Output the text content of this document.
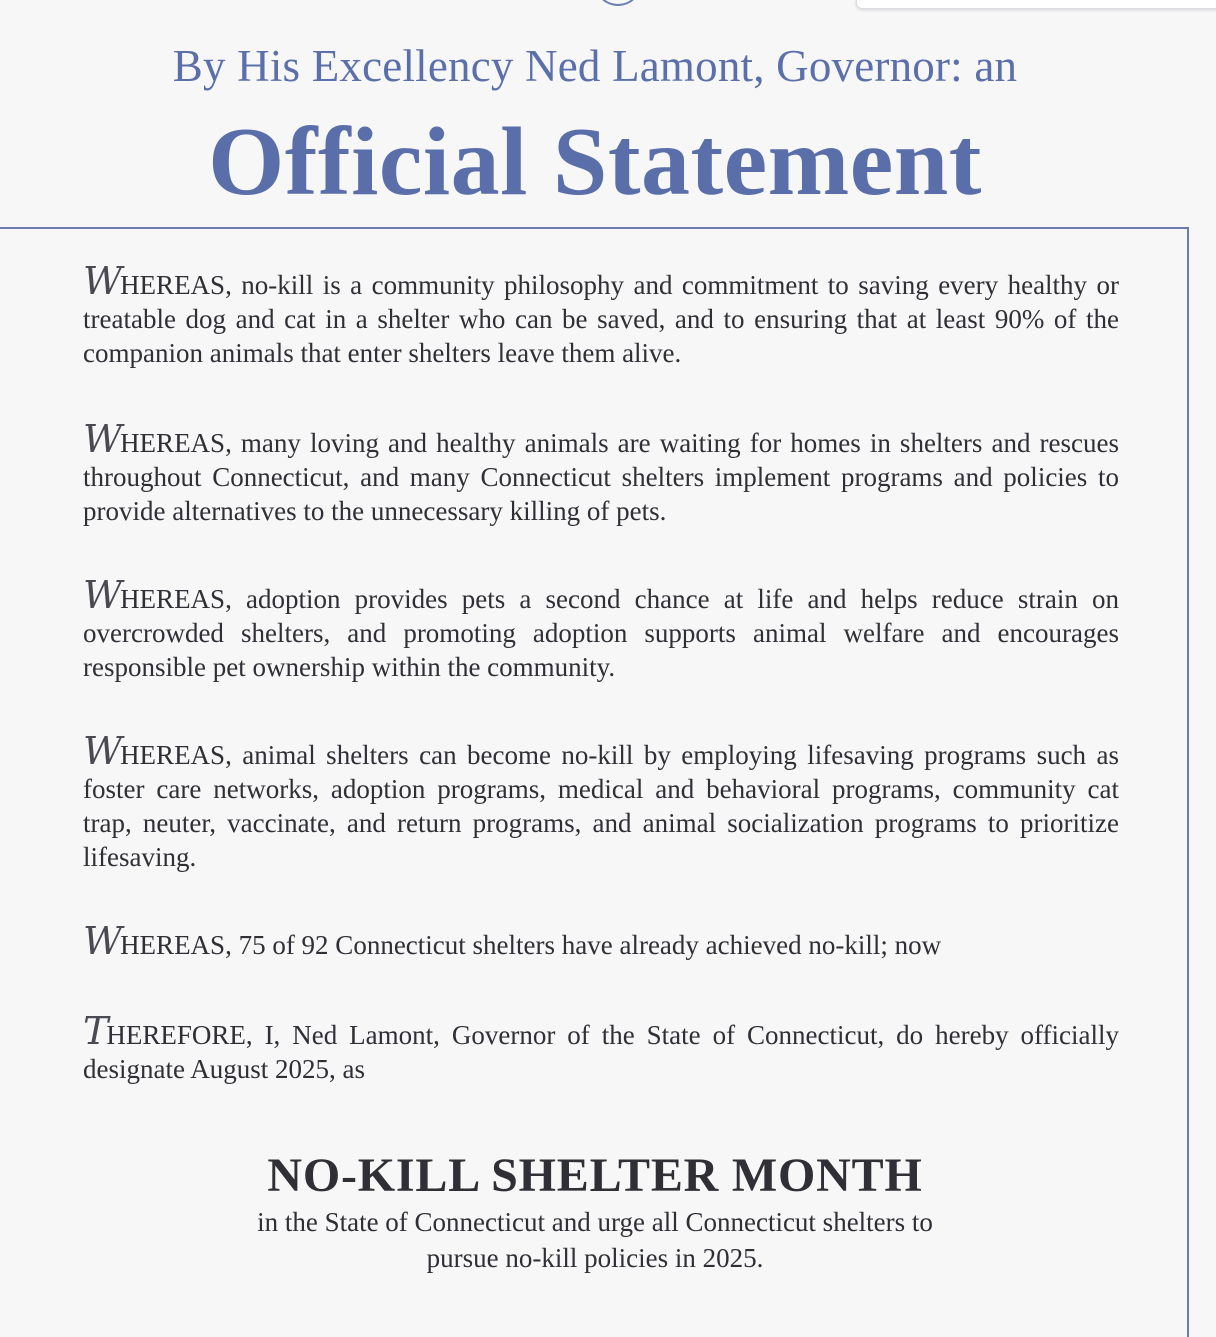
By His Excellency Ned Lamont, Governor: an
Official Statement

WHEREAS, no-kill is a community philosophy and commitment to saving every healthy or treatable dog and cat in a shelter who can be saved, and to ensuring that at least 90% of the companion animals that enter shelters leave them alive.

WHEREAS, many loving and healthy animals are waiting for homes in shelters and rescues throughout Connecticut, and many Connecticut shelters implement programs and policies to provide alternatives to the unnecessary killing of pets.

WHEREAS, adoption provides pets a second chance at life and helps reduce strain on overcrowded shelters, and promoting adoption supports animal welfare and encourages responsible pet ownership within the community.

WHEREAS, animal shelters can become no-kill by employing lifesaving programs such as foster care networks, adoption programs, medical and behavioral programs, community cat trap, neuter, vaccinate, and return programs, and animal socialization programs to prioritize lifesaving.

WHEREAS, 75 of 92 Connecticut shelters have already achieved no-kill; now

THEREFORE, I, Ned Lamont, Governor of the State of Connecticut, do hereby officially designate August 2025, as

NO-KILL SHELTER MONTH
in the State of Connecticut and urge all Connecticut shelters to
pursue no-kill policies in 2025.
